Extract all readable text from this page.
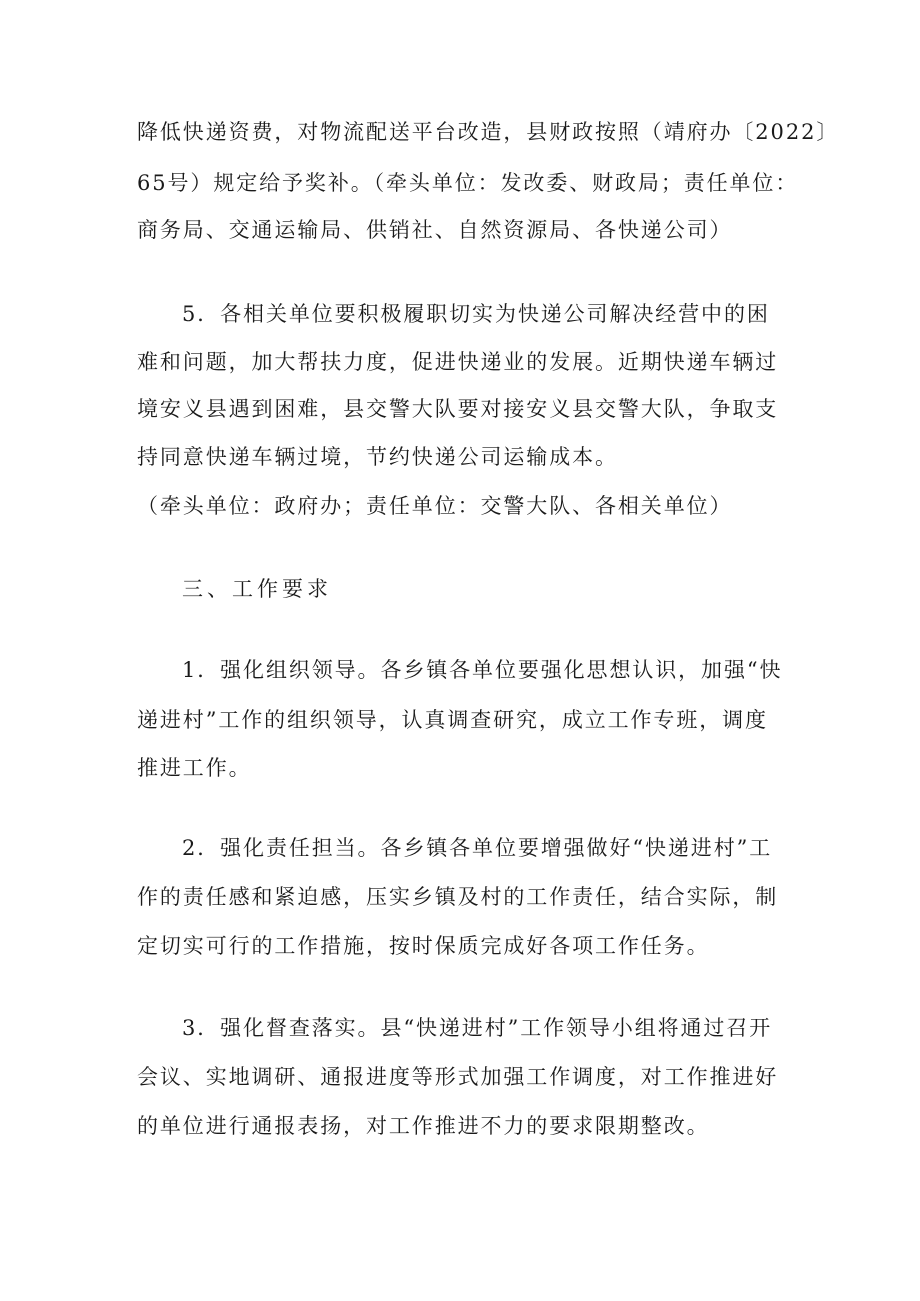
降低快递资费，对物流配送平台改造，县财政按照（靖府办〔2022〕
65号）规定给予奖补。（牵头单位：发改委、财政局；责任单位：
商务局、交通运输局、供销社、自然资源局、各快递公司）
5．各相关单位要积极履职切实为快递公司解决经营中的困
难和问题，加大帮扶力度，促进快递业的发展。近期快递车辆过
境安义县遇到困难，县交警大队要对接安义县交警大队，争取支
持同意快递车辆过境，节约快递公司运输成本。
（牵头单位：政府办；责任单位：交警大队、各相关单位）
三、工作要求
1．强化组织领导。各乡镇各单位要强化思想认识，加强“快
递进村”工作的组织领导，认真调查研究，成立工作专班，调度
推进工作。
2．强化责任担当。各乡镇各单位要增强做好“快递进村”工
作的责任感和紧迫感，压实乡镇及村的工作责任，结合实际，制
定切实可行的工作措施，按时保质完成好各项工作任务。
3．强化督查落实。县“快递进村”工作领导小组将通过召开
会议、实地调研、通报进度等形式加强工作调度，对工作推进好
的单位进行通报表扬，对工作推进不力的要求限期整改。
